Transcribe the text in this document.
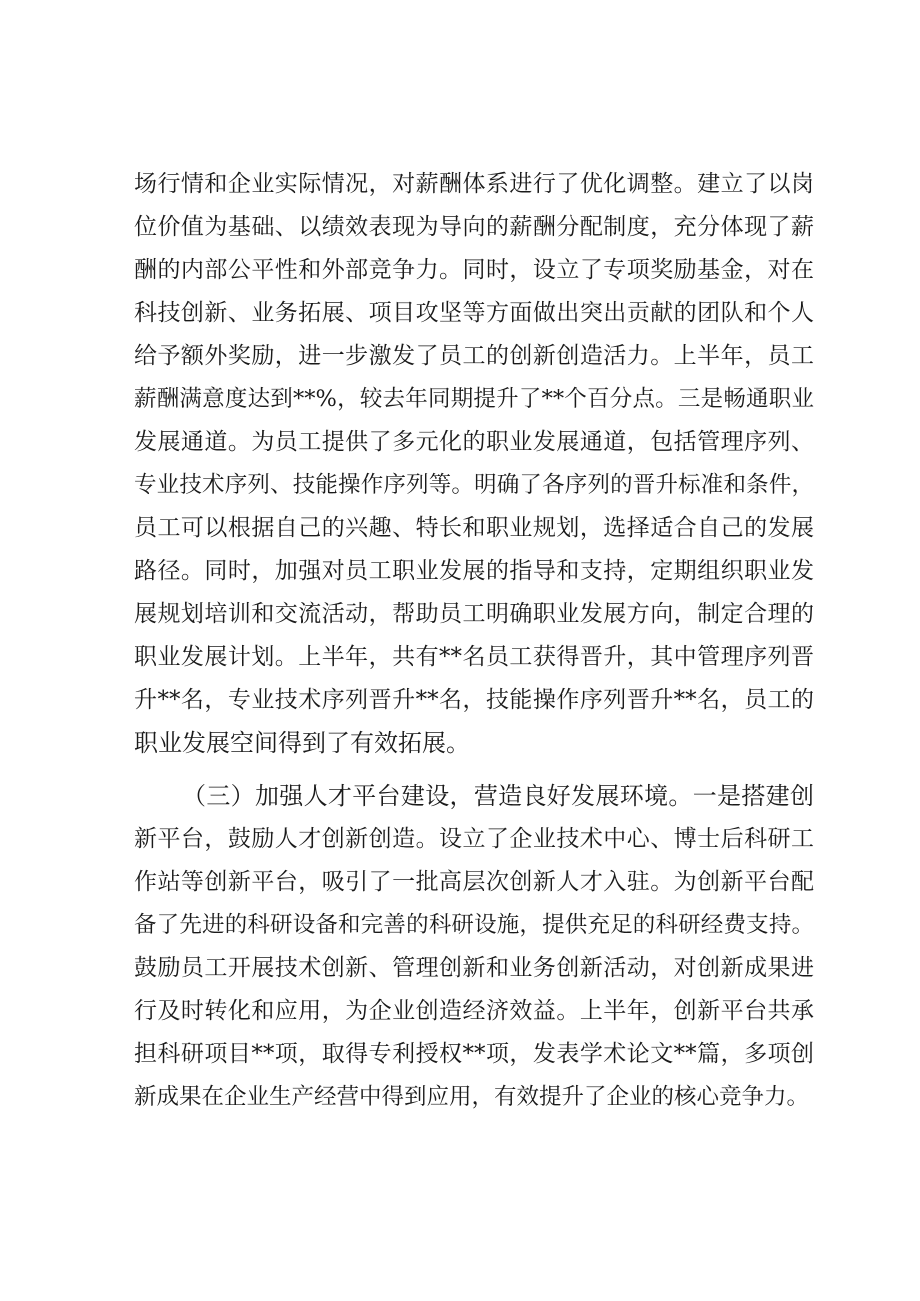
场行情和企业实际情况，对薪酬体系进行了优化调整。建立了以岗
位价值为基础、以绩效表现为导向的薪酬分配制度，充分体现了薪
酬的内部公平性和外部竞争力。同时，设立了专项奖励基金，对在
科技创新、业务拓展、项目攻坚等方面做出突出贡献的团队和个人
给予额外奖励，进一步激发了员工的创新创造活力。上半年，员工
薪酬满意度达到**%，较去年同期提升了**个百分点。三是畅通职业
发展通道。为员工提供了多元化的职业发展通道，包括管理序列、
专业技术序列、技能操作序列等。明确了各序列的晋升标准和条件，
员工可以根据自己的兴趣、特长和职业规划，选择适合自己的发展
路径。同时，加强对员工职业发展的指导和支持，定期组织职业发
展规划培训和交流活动，帮助员工明确职业发展方向，制定合理的
职业发展计划。上半年，共有**名员工获得晋升，其中管理序列晋
升**名，专业技术序列晋升**名，技能操作序列晋升**名，员工的
职业发展空间得到了有效拓展。
（三）加强人才平台建设，营造良好发展环境。一是搭建创
新平台，鼓励人才创新创造。设立了企业技术中心、博士后科研工
作站等创新平台，吸引了一批高层次创新人才入驻。为创新平台配
备了先进的科研设备和完善的科研设施，提供充足的科研经费支持。
鼓励员工开展技术创新、管理创新和业务创新活动，对创新成果进
行及时转化和应用，为企业创造经济效益。上半年，创新平台共承
担科研项目**项，取得专利授权**项，发表学术论文**篇，多项创
新成果在企业生产经营中得到应用，有效提升了企业的核心竞争力。
